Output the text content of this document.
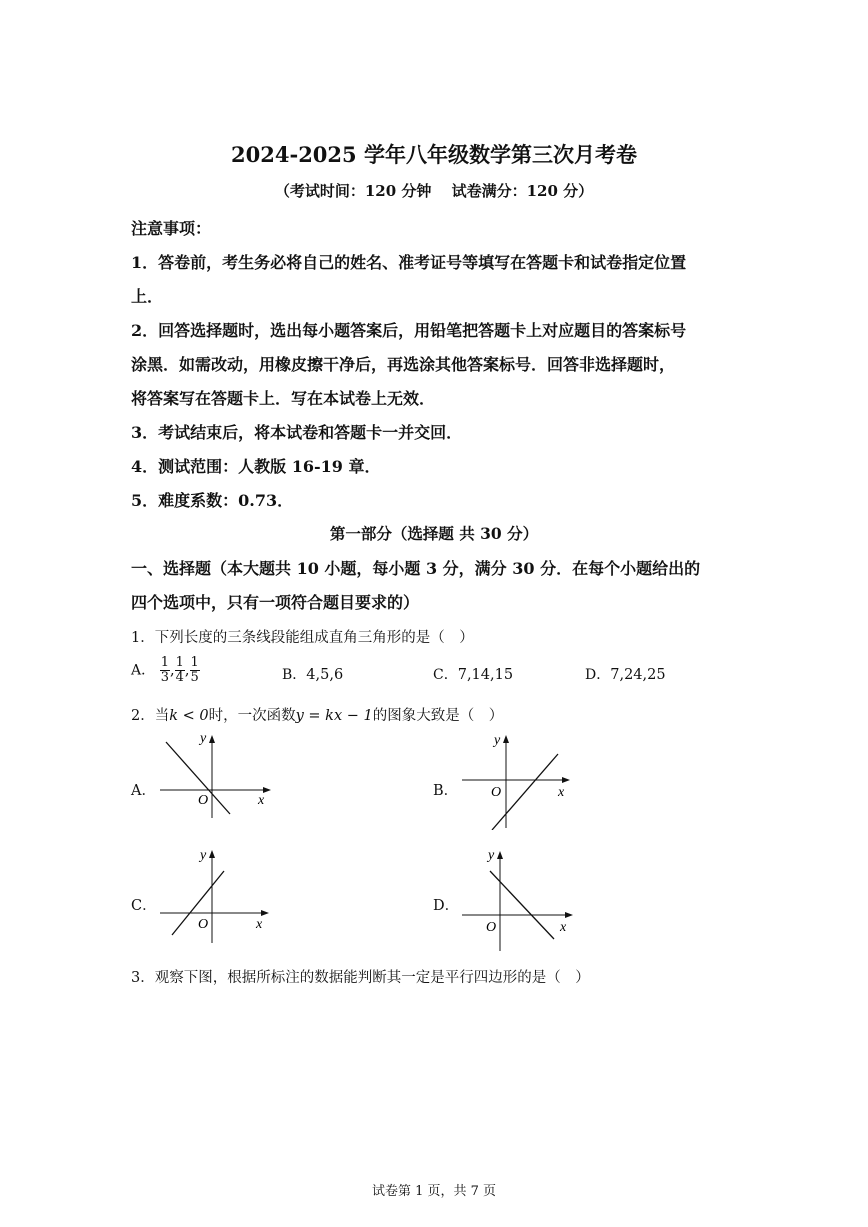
2024-2025 学年八年级数学第三次月考卷
（考试时间：120 分钟　 试卷满分：120 分）
注意事项：
1．答卷前，考生务必将自己的姓名、准考证号等填写在答题卡和试卷指定位置
上．
2．回答选择题时，选出每小题答案后，用铅笔把答题卡上对应题目的答案标号
涂黑．如需改动，用橡皮擦干净后，再选涂其他答案标号．回答非选择题时，
将答案写在答题卡上．写在本试卷上无效．
3．考试结束后，将本试卷和答题卡一并交回．
4．测试范围：人教版 16-19 章．
5．难度系数：0.73．
第一部分（选择题 共 30 分）
一、选择题（本大题共 10 小题，每小题 3 分，满分 30 分．在每个小题给出的
四个选项中，只有一项符合题目要求的）
1．下列长度的三条线段能组成直角三角形的是（　）
A． $\frac{1}{3}$ , $\frac{1}{4}$ , $\frac{1}{5}$	B．4,5,6	C．7,14,15	D．7,24,25
2．当k < 0时，一次函数y = kx − 1的图象大致是（　）
A．
y
x
O
B．
y
x
O
C．
y
x
O
D．
y
x
O
3．观察下图，根据所标注的数据能判断其一定是平行四边形的是（　）
试卷第 1 页，共 7 页
